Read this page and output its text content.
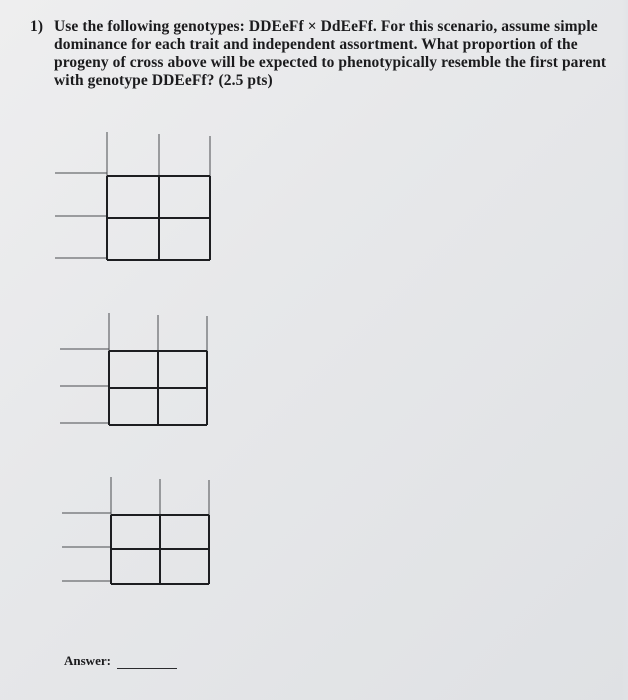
1) Use the following genotypes: DDEeFf × DdEeFf. For this scenario, assume simple dominance for each trait and independent assortment. What proportion of the progeny of cross above will be expected to phenotypically resemble the first parent with genotype DDEeFf? (2.5 pts)
Answer:
